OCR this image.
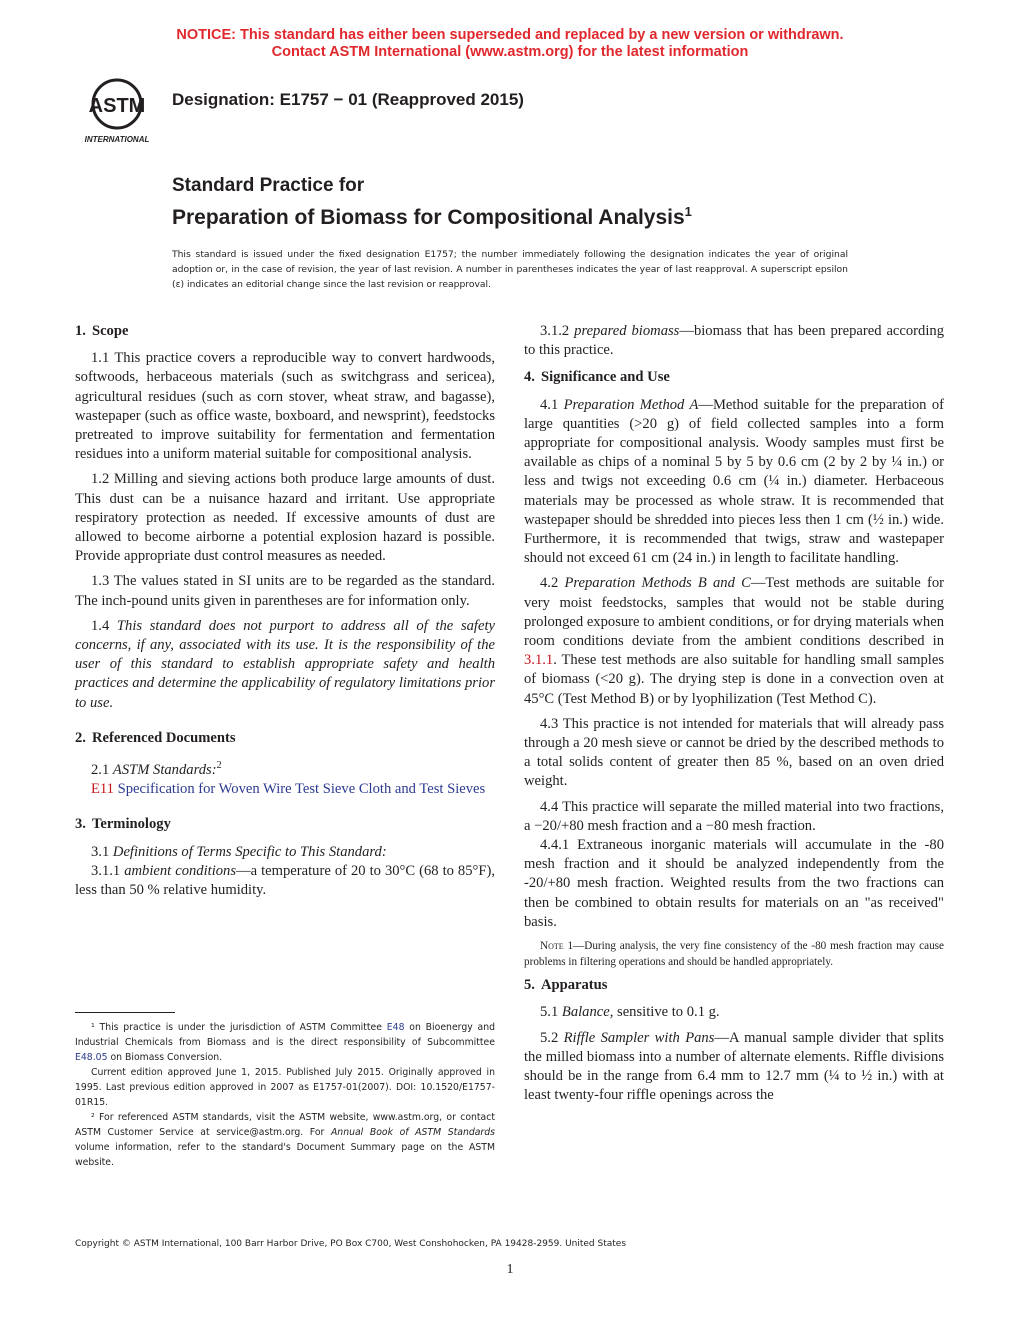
NOTICE: This standard has either been superseded and replaced by a new version or withdrawn.
Contact ASTM International (www.astm.org) for the latest information
ASTM
INTERNATIONAL
Designation: E1757 − 01 (Reapproved 2015)
Standard Practice for
Preparation of Biomass for Compositional Analysis$^1$
This standard is issued under the fixed designation E1757; the number immediately following the designation indicates the year of original adoption or, in the case of revision, the year of last revision. A number in parentheses indicates the year of last reapproval. A superscript epsilon (ε) indicates an editorial change since the last revision or reapproval.
1. Scope

1.1 This practice covers a reproducible way to convert hardwoods, softwoods, herbaceous materials (such as switchgrass and sericea), agricultural residues (such as corn stover, wheat straw, and bagasse), wastepaper (such as office waste, boxboard, and newsprint), feedstocks pretreated to improve suitability for fermentation and fermentation residues into a uniform material suitable for compositional analysis.

1.2 Milling and sieving actions both produce large amounts of dust. This dust can be a nuisance hazard and irritant. Use appropriate respiratory protection as needed. If excessive amounts of dust are allowed to become airborne a potential explosion hazard is possible. Provide appropriate dust control measures as needed.

1.3 The values stated in SI units are to be regarded as the standard. The inch-pound units given in parentheses are for information only.

1.4 This standard does not purport to address all of the safety concerns, if any, associated with its use. It is the responsibility of the user of this standard to establish appropriate safety and health practices and determine the applicability of regulatory limitations prior to use.

2. Referenced Documents

2.1 ASTM Standards:$^2$

E11 Specification for Woven Wire Test Sieve Cloth and Test Sieves

3. Terminology

3.1 Definitions of Terms Specific to This Standard:

3.1.1 ambient conditions—a temperature of 20 to 30°C (68 to 85°F), less than 50 % relative humidity.

3.1.2 prepared biomass—biomass that has been prepared according to this practice.

4. Significance and Use

4.1 Preparation Method A—Method suitable for the preparation of large quantities (>20 g) of field collected samples into a form appropriate for compositional analysis. Woody samples must first be available as chips of a nominal 5 by 5 by 0.6 cm (2 by 2 by ¼ in.) or less and twigs not exceeding 0.6 cm (¼ in.) diameter. Herbaceous materials may be processed as whole straw. It is recommended that wastepaper should be shredded into pieces less then 1 cm (½ in.) wide. Furthermore, it is recommended that twigs, straw and wastepaper should not exceed 61 cm (24 in.) in length to facilitate handling.

4.2 Preparation Methods B and C—Test methods are suitable for very moist feedstocks, samples that would not be stable during prolonged exposure to ambient conditions, or for drying materials when room conditions deviate from the ambient conditions described in 3.1.1. These test methods are also suitable for handling small samples of biomass (<20 g). The drying step is done in a convection oven at 45°C (Test Method B) or by lyophilization (Test Method C).

4.3 This practice is not intended for materials that will already pass through a 20 mesh sieve or cannot be dried by the described methods to a total solids content of greater then 85 %, based on an oven dried weight.

4.4 This practice will separate the milled material into two fractions, a −20/+80 mesh fraction and a −80 mesh fraction.

4.4.1 Extraneous inorganic materials will accumulate in the -80 mesh fraction and it should be analyzed independently from the -20/+80 mesh fraction. Weighted results from the two fractions can then be combined to obtain results for materials on an "as received" basis.

Note 1—During analysis, the very fine consistency of the -80 mesh fraction may cause problems in filtering operations and should be handled appropriately.

5. Apparatus

5.1 Balance, sensitive to 0.1 g.

5.2 Riffle Sampler with Pans—A manual sample divider that splits the milled biomass into a number of alternate elements. Riffle divisions should be in the range from 6.4 mm to 12.7 mm (¼ to ½ in.) with at least twenty-four riffle openings across the

¹ This practice is under the jurisdiction of ASTM Committee E48 on Bioenergy and Industrial Chemicals from Biomass and is the direct responsibility of Subcommittee E48.05 on Biomass Conversion.

Current edition approved June 1, 2015. Published July 2015. Originally approved in 1995. Last previous edition approved in 2007 as E1757-01(2007). DOI: 10.1520/E1757-01R15.

² For referenced ASTM standards, visit the ASTM website, www.astm.org, or contact ASTM Customer Service at service@astm.org. For Annual Book of ASTM Standards volume information, refer to the standard's Document Summary page on the ASTM website.

Copyright © ASTM International, 100 Barr Harbor Drive, PO Box C700, West Conshohocken, PA 19428-2959. United States
1
